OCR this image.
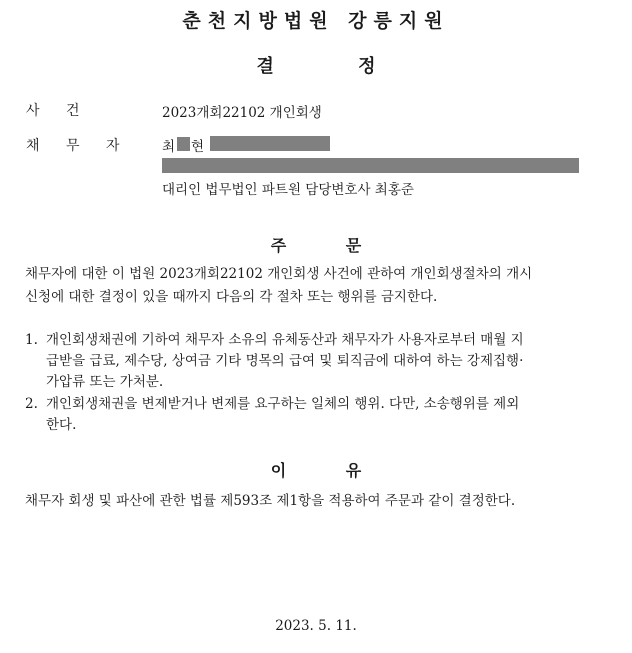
춘천지방법원 강릉지원
결 정
사 건	2023개회22102 개인회생
채 무 자	최 현
대리인 법무법인 파트원 담당변호사 최홍준
주 문
채무자에 대한 이 법원 2023개회22102 개인회생 사건에 관하여 개인회생절차의 개시
신청에 대한 결정이 있을 때까지 다음의 각 절차 또는 행위를 금지한다.
1. 개인회생채권에 기하여 채무자 소유의 유체동산과 채무자가 사용자로부터 매월 지
급받을 급료, 제수당, 상여금 기타 명목의 급여 및 퇴직금에 대하여 하는 강제집행·
가압류 또는 가처분.
2. 개인회생채권을 변제받거나 변제를 요구하는 일체의 행위. 다만, 소송행위를 제외
한다.
이 유
채무자 회생 및 파산에 관한 법률 제593조 제1항을 적용하여 주문과 같이 결정한다.
2023. 5. 11.
